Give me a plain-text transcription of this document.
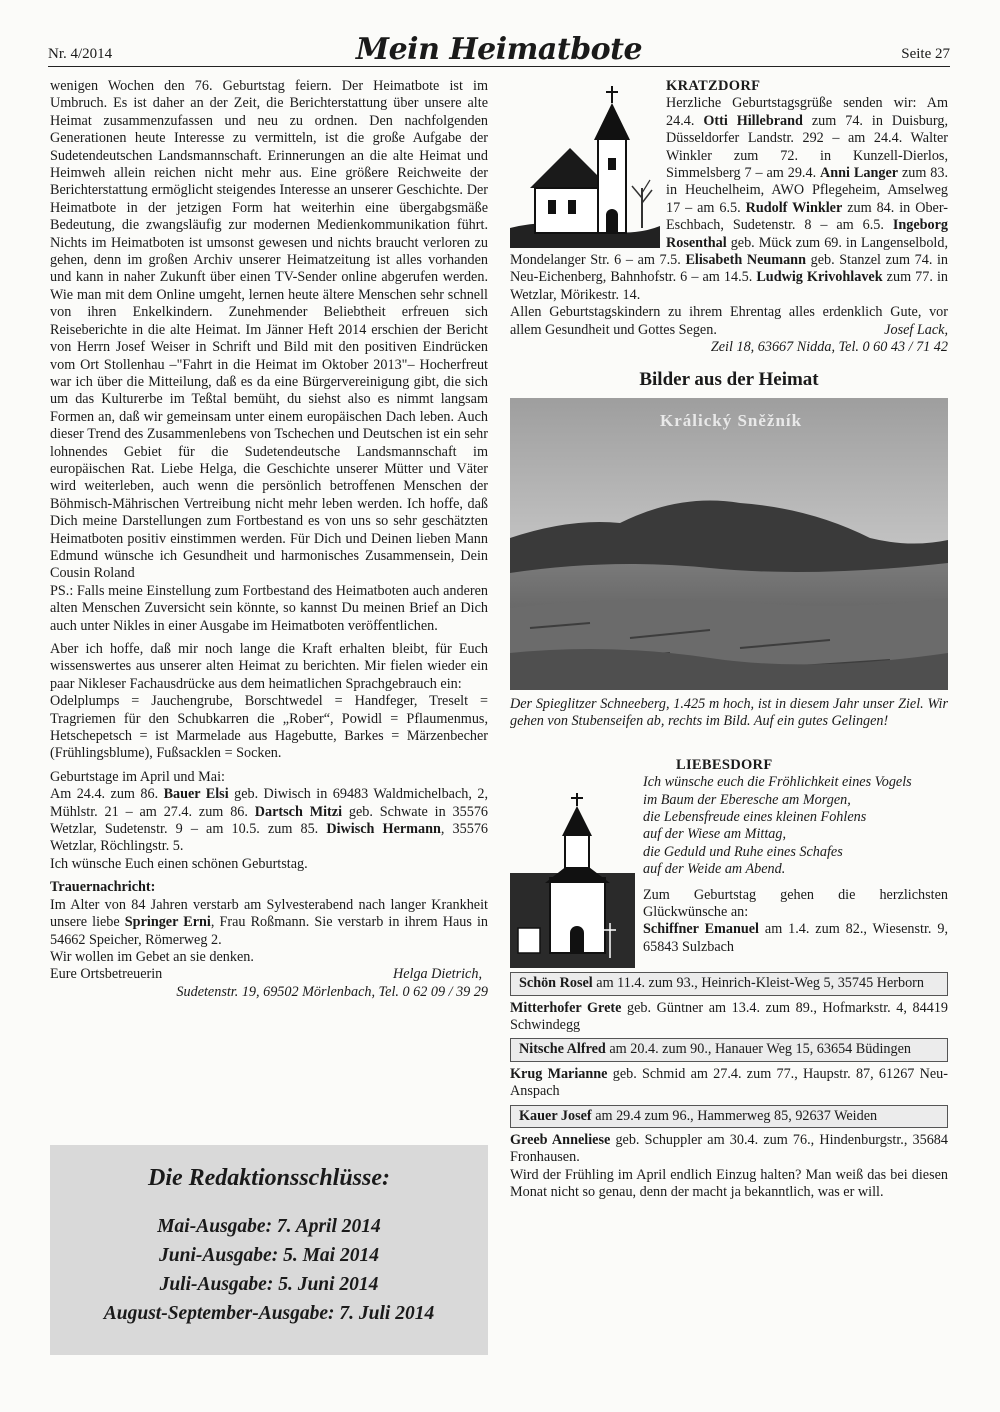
Nr. 4/2014	Mein Heimatbote	Seite 27

wenigen Wochen den 76. Geburtstag feiern. Der Heimatbote ist im Umbruch. Es ist daher an der Zeit, die Berichterstattung über unsere alte Heimat zusammenzufassen und neu zu ordnen. Den nachfolgenden Generationen heute Interesse zu vermitteln, ist die große Aufgabe der Sudetendeutschen Landsmannschaft. Erinnerungen an die alte Heimat und Heimweh allein reichen nicht mehr aus. Eine größere Reichweite der Berichterstattung ermöglicht steigendes Interesse an unserer Geschichte. Der Heimatbote in der jetzigen Form hat weiterhin eine übergabgsmäße Bedeutung, die zwangsläufig zur modernen Medienkommunikation führt. Nichts im Heimatboten ist umsonst gewesen und nichts braucht verloren zu gehen, denn im großen Archiv unserer Heimatzeitung ist alles vorhanden und kann in naher Zukunft über einen TV-Sender online abgerufen werden. Wie man mit dem Online umgeht, lernen heute ältere Menschen sehr schnell von ihren Enkelkindern. Zunehmender Beliebtheit erfreuen sich Reiseberichte in die alte Heimat. Im Jänner Heft 2014 erschien der Bericht von Herrn Josef Weiser in Schrift und Bild mit den positiven Eindrücken vom Ort Stollenhau –"Fahrt in die Heimat im Oktober 2013"– Hocherfreut war ich über die Mitteilung, daß es da eine Bürgervereinigung gibt, die sich um das Kulturerbe im Teßtal bemüht, du siehst also es nimmt langsam Formen an, daß wir gemeinsam unter einem europäischen Dach leben. Auch dieser Trend des Zusammenlebens von Tschechen und Deutschen ist ein sehr lohnendes Gebiet für die Sudetendeutsche Landsmannschaft im europäischen Rat. Liebe Helga, die Geschichte unserer Mütter und Väter wird weiterleben, auch wenn die persönlich betroffenen Menschen der Böhmisch-Mährischen Vertreibung nicht mehr leben werden. Ich hoffe, daß Dich meine Darstellungen zum Fortbestand es von uns so sehr geschätzten Heimatboten positiv einstimmen werden. Für Dich und Deinen lieben Mann Edmund wünsche ich Gesundheit und harmonisches Zusammensein, Dein Cousin Roland

PS.: Falls meine Einstellung zum Fortbestand des Heimatboten auch anderen alten Menschen Zuversicht sein könnte, so kannst Du meinen Brief an Dich auch unter Nikles in einer Ausgabe im Heimatboten veröffentlichen.

Aber ich hoffe, daß mir noch lange die Kraft erhalten bleibt, für Euch wissenswertes aus unserer alten Heimat zu berichten. Mir fielen wieder ein paar Nikleser Fachausdrücke aus dem heimatlichen Sprachgebrauch ein:

Odelplumps = Jauchengrube, Borschtwedel = Handfeger, Treselt = Tragriemen für den Schubkarren die „Rober“, Powidl = Pflaumenmus, Hetschepetsch = ist Marmelade aus Hagebutte, Barkes = Märzenbecher (Frühlingsblume), Fußsacklen = Socken.

Geburtstage im April und Mai:

Am 24.4. zum 86. Bauer Elsi geb. Diwisch in 69483 Waldmichelbach, 2, Mühlstr. 21 – am 27.4. zum 86. Dartsch Mitzi geb. Schwate in 35576 Wetzlar, Sudetenstr. 9 – am 10.5. zum 85. Diwisch Hermann, 35576 Wetzlar, Röchlingstr. 5.

Ich wünsche Euch einen schönen Geburtstag.

Trauernachricht:

Im Alter von 84 Jahren verstarb am Sylvesterabend nach langer Krankheit unsere liebe Springer Erni, Frau Roßmann. Sie verstarb in ihrem Haus in 54662 Speicher, Römerweg 2.

Wir wollen im Gebet an sie denken.

Eure Ortsbetreuerin	Helga Dietrich,

Sudetenstr. 19, 69502 Mörlenbach, Tel. 0 62 09 / 39 29

Die Redaktionsschlüsse:
Mai-Ausgabe: 7. April 2014
Juni-Ausgabe: 5. Mai 2014
Juli-Ausgabe: 5. Juni 2014
August-September-Ausgabe: 7. Juli 2014
KRATZDORF

Herzliche Geburtstagsgrüße senden wir: Am 24.4. Otti Hillebrand zum 74. in Duisburg, Düsseldorfer Landstr. 292 – am 24.4. Walter Winkler zum 72. in Kunzell-Dierlos, Simmelsberg 7 – am 29.4. Anni Langer zum 83. in Heuchelheim, AWO Pflegeheim, Amselweg 17 – am 6.5. Rudolf Winkler zum 84. in Ober-Eschbach, Sudetenstr. 8 – am 6.5. Ingeborg Rosenthal geb. Mück zum 69. in Langenselbold, Mondelanger Str. 6 – am 7.5. Elisabeth Neumann geb. Stanzel zum 74. in Neu-Eichenberg, Bahnhofstr. 6 – am 14.5. Ludwig Krivohlavek zum 77. in Wetzlar, Mörikestr. 14.

Allen Geburtstagskindern zu ihrem Ehrentag alles erdenklich Gute, vor allem Gesundheit und Gottes Segen.	Josef Lack,

Zeil 18, 63667 Nidda, Tel. 0 60 43 / 71 42

Bilder aus der Heimat
Králický Sněžník

Der Spieglitzer Schneeberg, 1.425 m hoch, ist in diesem Jahr unser Ziel. Wir gehen von Stubenseifen ab, rechts im Bild. Auf ein gutes Gelingen!

LIEBESDORF
Ich wünsche euch die Fröhlichkeit eines Vogels
im Baum der Eberesche am Morgen,
die Lebensfreude eines kleinen Fohlens
auf der Wiese am Mittag,
die Geduld und Ruhe eines Schafes
auf der Weide am Abend.

Zum Geburtstag gehen die herzlichsten Glückwünsche an:

Schiffner Emanuel am 1.4. zum 82., Wiesenstr. 9, 65843 Sulzbach

Schön Rosel am 11.4. zum 93., Heinrich-Kleist-Weg 5, 35745 Herborn

Mitterhofer Grete geb. Güntner am 13.4. zum 89., Hofmarkstr. 4, 84419 Schwindegg

Nitsche Alfred am 20.4. zum 90., Hanauer Weg 15, 63654 Büdingen

Krug Marianne geb. Schmid am 27.4. zum 77., Haupstr. 87, 61267 Neu-Anspach

Kauer Josef am 29.4 zum 96., Hammerweg 85, 92637 Weiden

Greeb Anneliese geb. Schuppler am 30.4. zum 76., Hindenburgstr., 35684 Fronhausen.

Wird der Frühling im April endlich Einzug halten? Man weiß das bei diesen Monat nicht so genau, denn der macht ja bekanntlich, was er will.
